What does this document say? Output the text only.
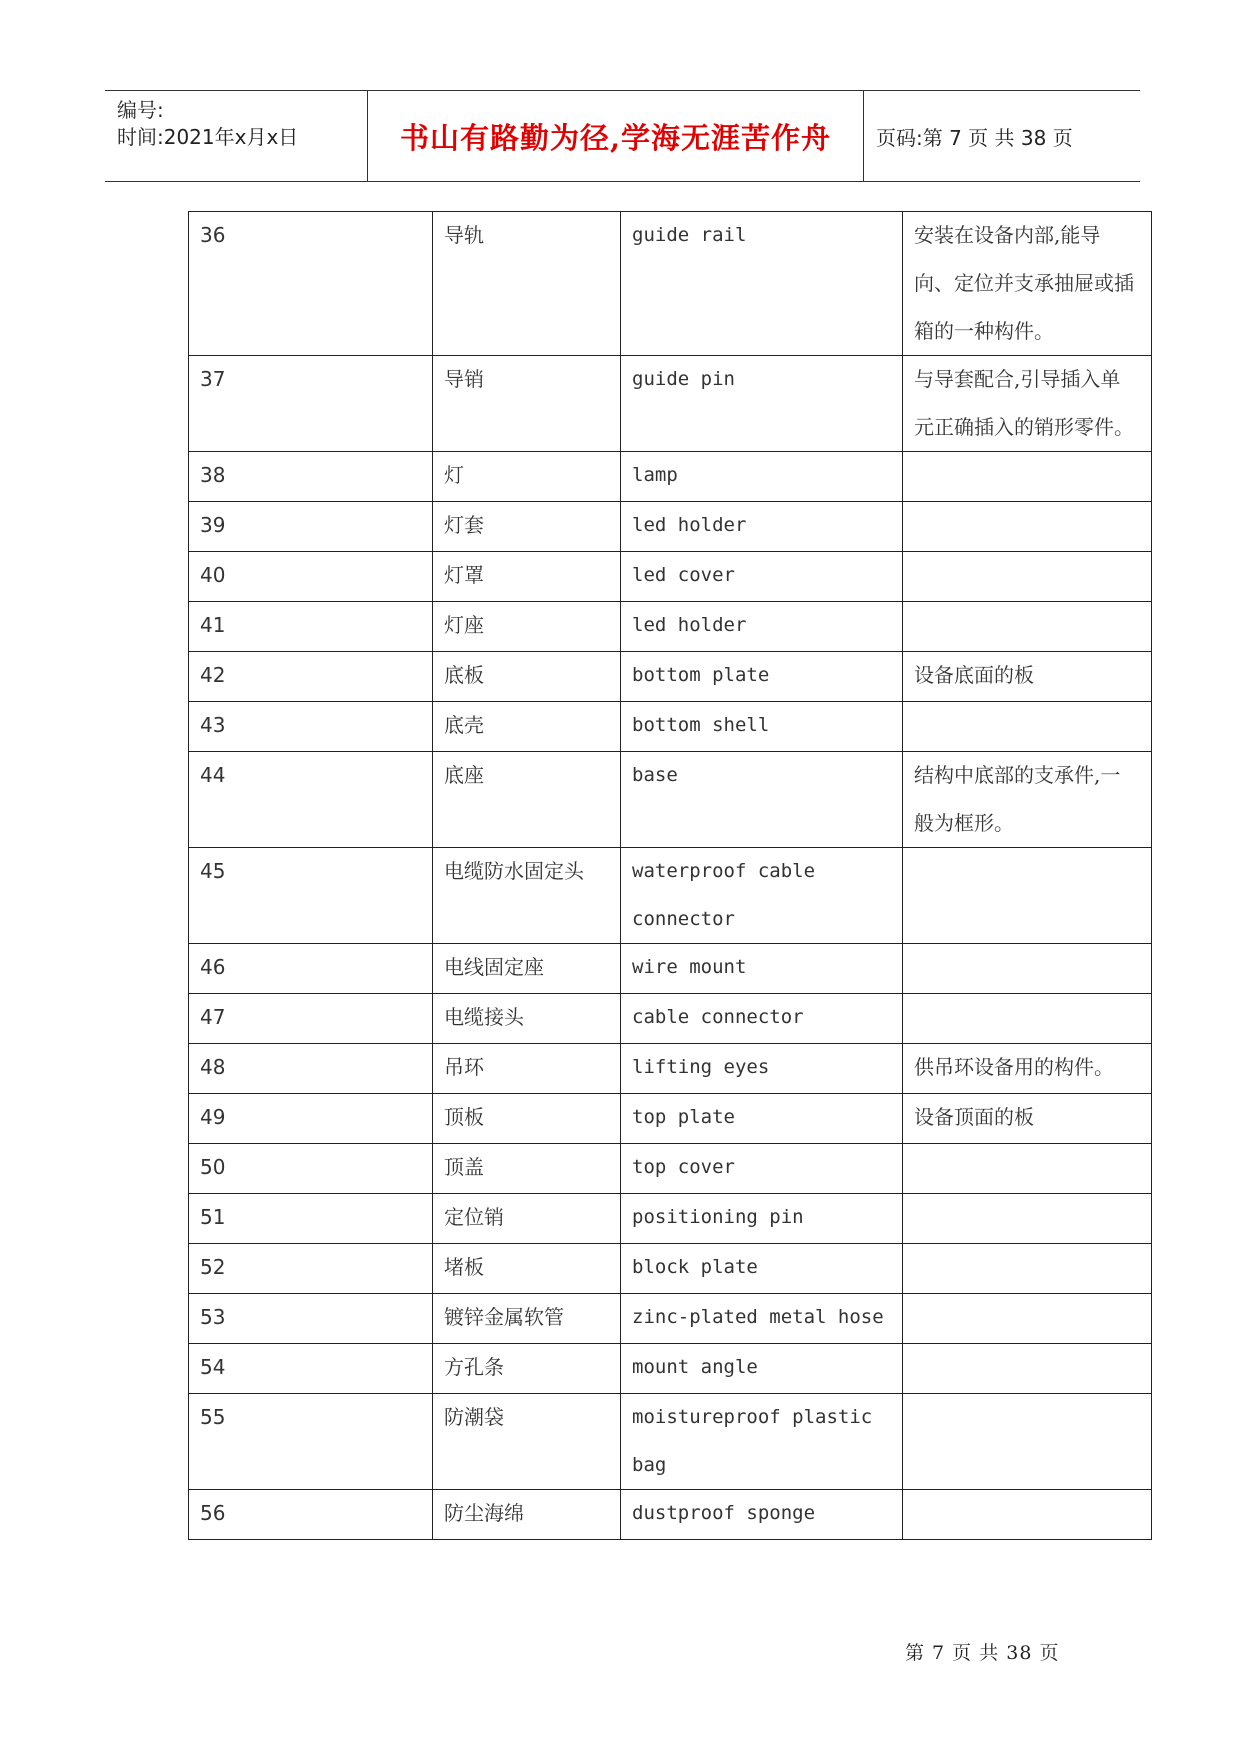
编号:
时间:2021年x月x日	书山有路勤为径,学海无涯苦作舟 页码:第 7 页 共 38 页
36	导轨	guide rail	安装在设备内部,能导向、定位并支承抽屉或插箱的一种构件。

37	导销	guide pin	与导套配合,引导插入单元正确插入的销形零件。

38	灯	lamp	

39	灯套	led holder	

40	灯罩	led cover	

41	灯座	led holder	

42	底板	bottom plate	设备底面的板

43	底壳	bottom shell	

44	底座	base	结构中底部的支承件,一般为框形。

45	电缆防水固定头	waterproof cable connector	

46	电线固定座	wire mount	

47	电缆接头	cable connector	

48	吊环	lifting eyes	供吊环设备用的构件。

49	顶板	top plate	设备顶面的板

50	顶盖	top cover	

51	定位销	positioning pin	

52	堵板	block plate	

53	镀锌金属软管	zinc-plated metal hose	

54	方孔条	mount angle	

55	防潮袋	moistureproof plastic bag	

56	防尘海绵	dustproof sponge	

第 7 页 共 38 页
